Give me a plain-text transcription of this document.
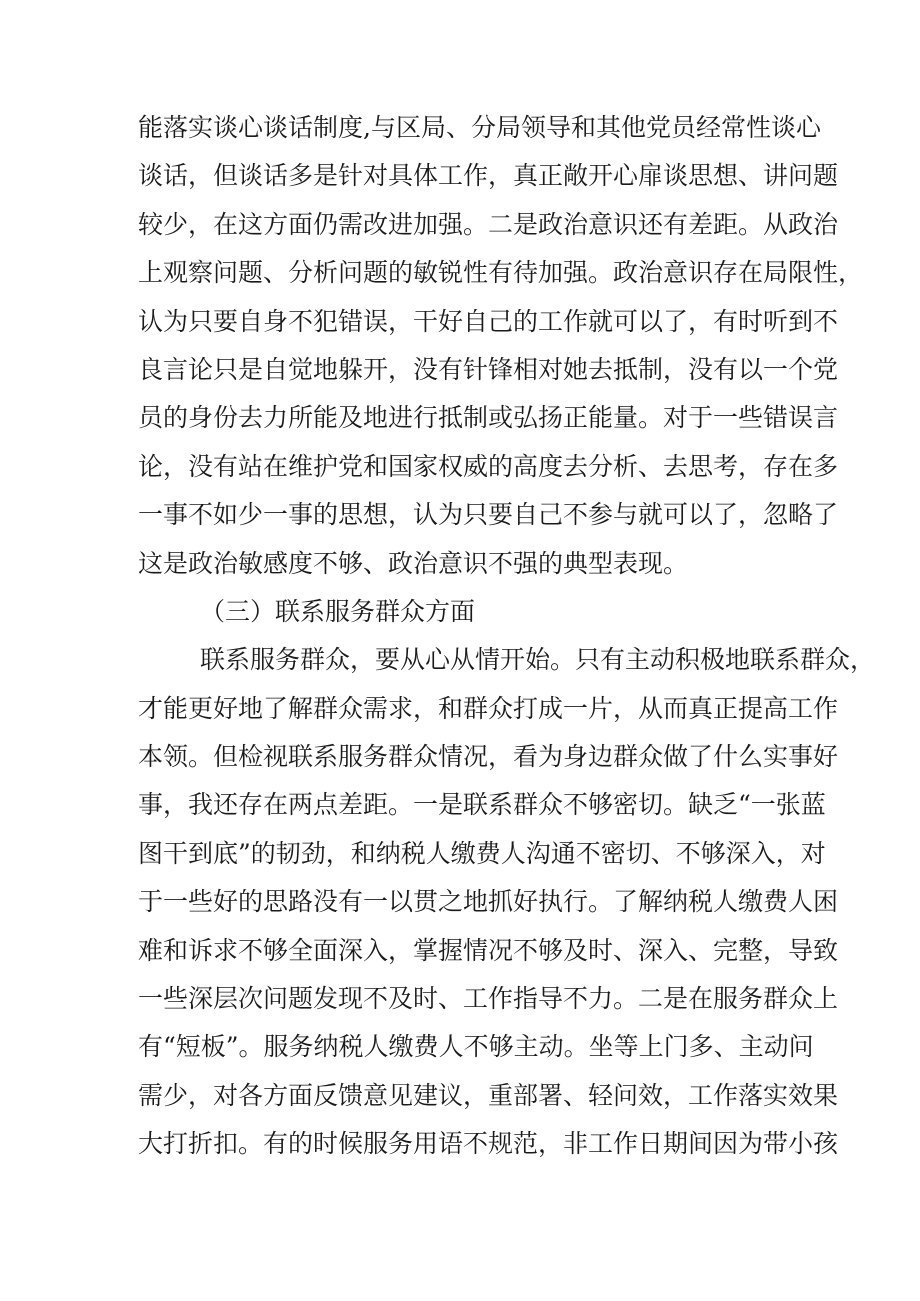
能落实谈心谈话制度,与区局、分局领导和其他党员经常性谈心
谈话，但谈话多是针对具体工作，真正敞开心扉谈思想、讲问题
较少，在这方面仍需改进加强。二是政治意识还有差距。从政治
上观察问题、分析问题的敏锐性有待加强。政治意识存在局限性，
认为只要自身不犯错误，干好自己的工作就可以了，有时听到不
良言论只是自觉地躲开，没有针锋相对她去抵制，没有以一个党
员的身份去力所能及地进行抵制或弘扬正能量。对于一些错误言
论，没有站在维护党和国家权威的高度去分析、去思考，存在多
一事不如少一事的思想，认为只要自己不参与就可以了，忽略了
这是政治敏感度不够、政治意识不强的典型表现。
（三）联系服务群众方面
联系服务群众，要从心从情开始。只有主动积极地联系群众，
才能更好地了解群众需求，和群众打成一片，从而真正提高工作
本领。但检视联系服务群众情况，看为身边群众做了什么实事好
事，我还存在两点差距。一是联系群众不够密切。缺乏“一张蓝
图干到底”的韧劲，和纳税人缴费人沟通不密切、不够深入，对
于一些好的思路没有一以贯之地抓好执行。了解纳税人缴费人困
难和诉求不够全面深入，掌握情况不够及时、深入、完整，导致
一些深层次问题发现不及时、工作指导不力。二是在服务群众上
有“短板”。服务纳税人缴费人不够主动。坐等上门多、主动问
需少，对各方面反馈意见建议，重部署、轻问效，工作落实效果
大打折扣。有的时候服务用语不规范，非工作日期间因为带小孩
